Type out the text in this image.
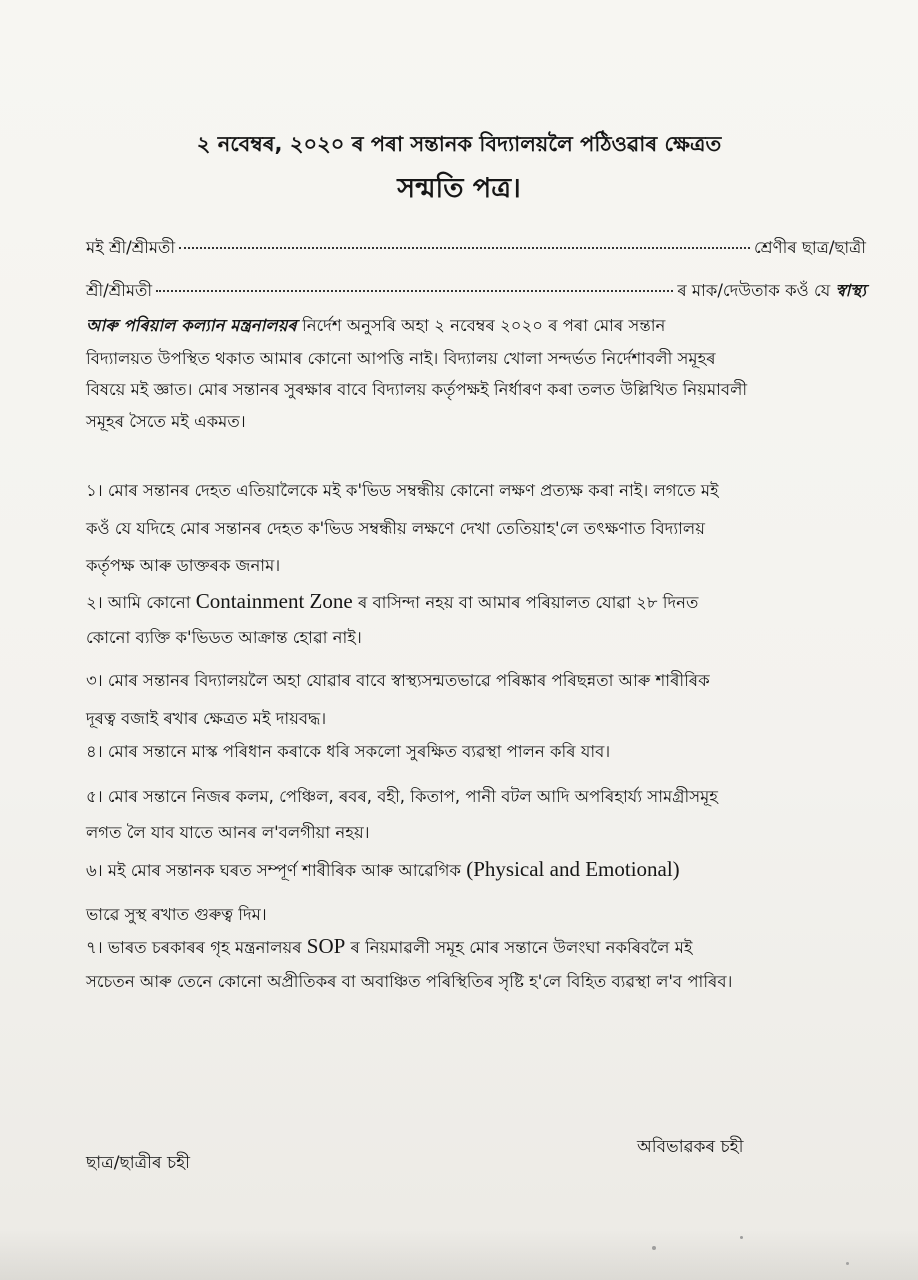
২ নবেম্বৰ, ২০২০ ৰ পৰা সন্তানক বিদ্যালয়লৈ পঠিওৱাৰ ক্ষেত্ৰত
সন্মতি পত্ৰ।
মই শ্ৰী/শ্ৰীমতী	শ্ৰেণীৰ ছাত্ৰ/ছাত্ৰী
শ্ৰী/শ্ৰীমতী	ৰ মাক/দেউতাক কওঁ যে
স্বাস্থ্য
আৰু পৰিয়াল কল্যান মন্ত্ৰনালয়ৰ নিৰ্দেশ অনুসৰি অহা ২ নবেম্বৰ ২০২০ ৰ পৰা মোৰ সন্তান
বিদ্যালয়ত উপস্থিত থকাত আমাৰ কোনো আপত্তি নাই। বিদ্যালয় খোলা সন্দৰ্ভত নিৰ্দেশাবলী সমূহৰ
বিষয়ে মই জ্ঞাত। মোৰ সন্তানৰ সুৰক্ষাৰ বাবে বিদ্যালয় কৰ্তৃপক্ষই নিৰ্ধাৰণ কৰা তলত উল্লিখিত নিয়মাবলী
সমূহৰ সৈতে মই একমত।
১। মোৰ সন্তানৰ দেহত এতিয়ালৈকে মই ক'ভিড সম্বন্ধীয় কোনো লক্ষণ প্ৰত্যক্ষ কৰা নাই। লগতে মই
কওঁ যে যদিহে মোৰ সন্তানৰ দেহত ক'ভিড সম্বন্ধীয় লক্ষণে দেখা তেতিয়াহ'লে তৎক্ষণাত বিদ্যালয়
কৰ্তৃপক্ষ আৰু ডাক্তৰক জনাম।
২। আমি কোনো Containment Zone ৰ বাসিন্দা নহয় বা আমাৰ পৰিয়ালত যোৱা ২৮ দিনত
কোনো ব্যক্তি ক'ভিডত আক্ৰান্ত হোৱা নাই।
৩। মোৰ সন্তানৰ বিদ্যালয়লৈ অহা যোৱাৰ বাবে স্বাস্থ্যসন্মতভাৱে পৰিষ্কাৰ পৰিছন্নতা আৰু শাৰীৰিক
দূৰত্ব বজাই ৰখাৰ ক্ষেত্ৰত মই দায়বদ্ধ।
৪। মোৰ সন্তানে মাস্ক পৰিধান কৰাকে ধৰি সকলো সুৰক্ষিত ব্যৱস্থা পালন কৰি যাব।
৫। মোৰ সন্তানে নিজৰ কলম, পেঞ্চিল, ৰবৰ, বহী, কিতাপ, পানী বটল আদি অপৰিহাৰ্য্য সামগ্ৰীসমূহ
লগত লৈ যাব যাতে আনৰ ল'বলগীয়া নহয়।
৬। মই মোৰ সন্তানক ঘৰত সম্পূৰ্ণ শাৰীৰিক আৰু আৱেগিক (Physical and Emotional)
ভাৱে সুস্থ ৰখাত গুৰুত্ব দিম।
৭। ভাৰত চৰকাৰৰ গৃহ মন্ত্ৰনালয়ৰ SOP ৰ নিয়মাৱলী সমূহ মোৰ সন্তানে উলংঘা নকৰিবলৈ মই
সচেতন আৰু তেনে কোনো অপ্ৰীতিকৰ বা অবাঞ্চিত পৰিস্থিতিৰ সৃষ্টি হ'লে বিহিত ব্যৱস্থা ল'ব পাৰিব।
ছাত্ৰ/ছাত্ৰীৰ চহী
অবিভাৱকৰ চহী
